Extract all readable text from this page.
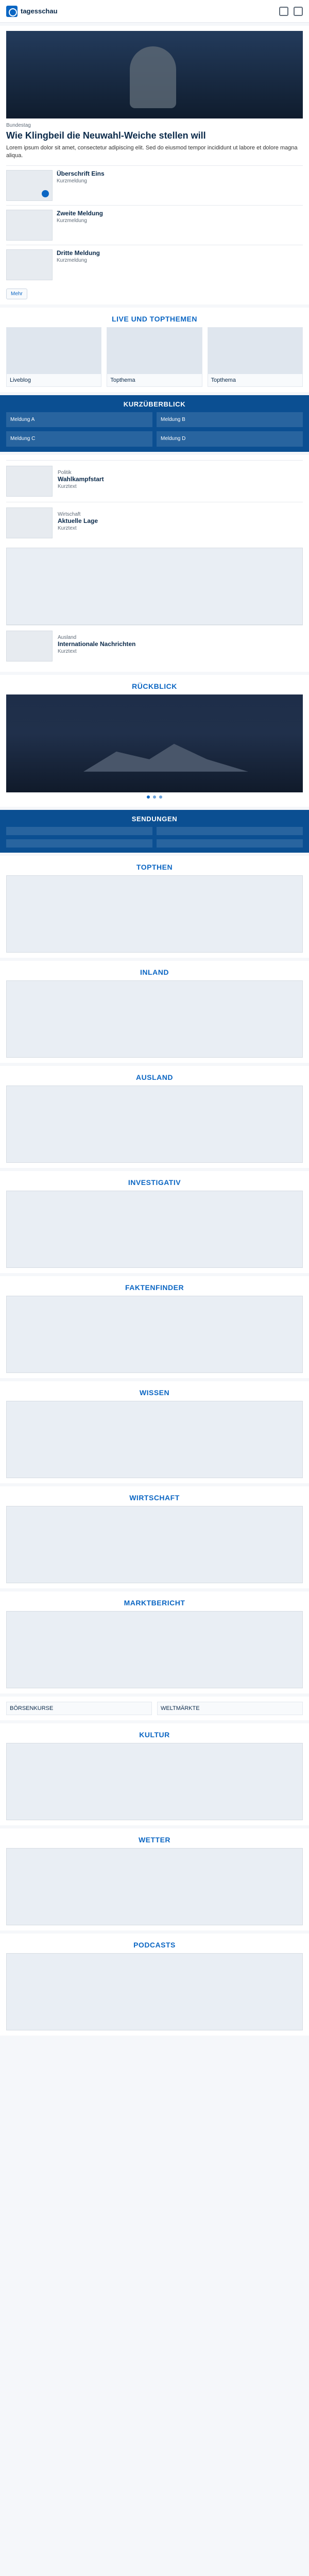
tagesschau
Bundestag
Wie Klingbeil die Neuwahl-Weiche stellen will
Lorem ipsum dolor sit amet, consectetur adipiscing elit. Sed do eiusmod tempor incididunt ut labore et dolore magna aliqua.
Überschrift Eins
Kurzmeldung
Zweite Meldung
Kurzmeldung
Dritte Meldung
Kurzmeldung
Mehr
LIVE UND TOPTHEMEN
Liveblog	Topthema	Topthema
KURZÜBERBLICK
Meldung A	Meldung B
Meldung C	Meldung D
Politik
Wahlkampfstart
Kurztext
Wirtschaft
Aktuelle Lage
Kurztext
Ausland
Internationale Nachrichten
Kurztext
RÜCKBLICK
SENDUNGEN
TOPTHEN
INLAND
AUSLAND
INVESTIGATIV
FAKTENFINDER
WISSEN
WIRTSCHAFT
MARKTBERICHT
BÖRSENKURSE	WELTMÄRKTE
KULTUR
WETTER
PODCASTS
